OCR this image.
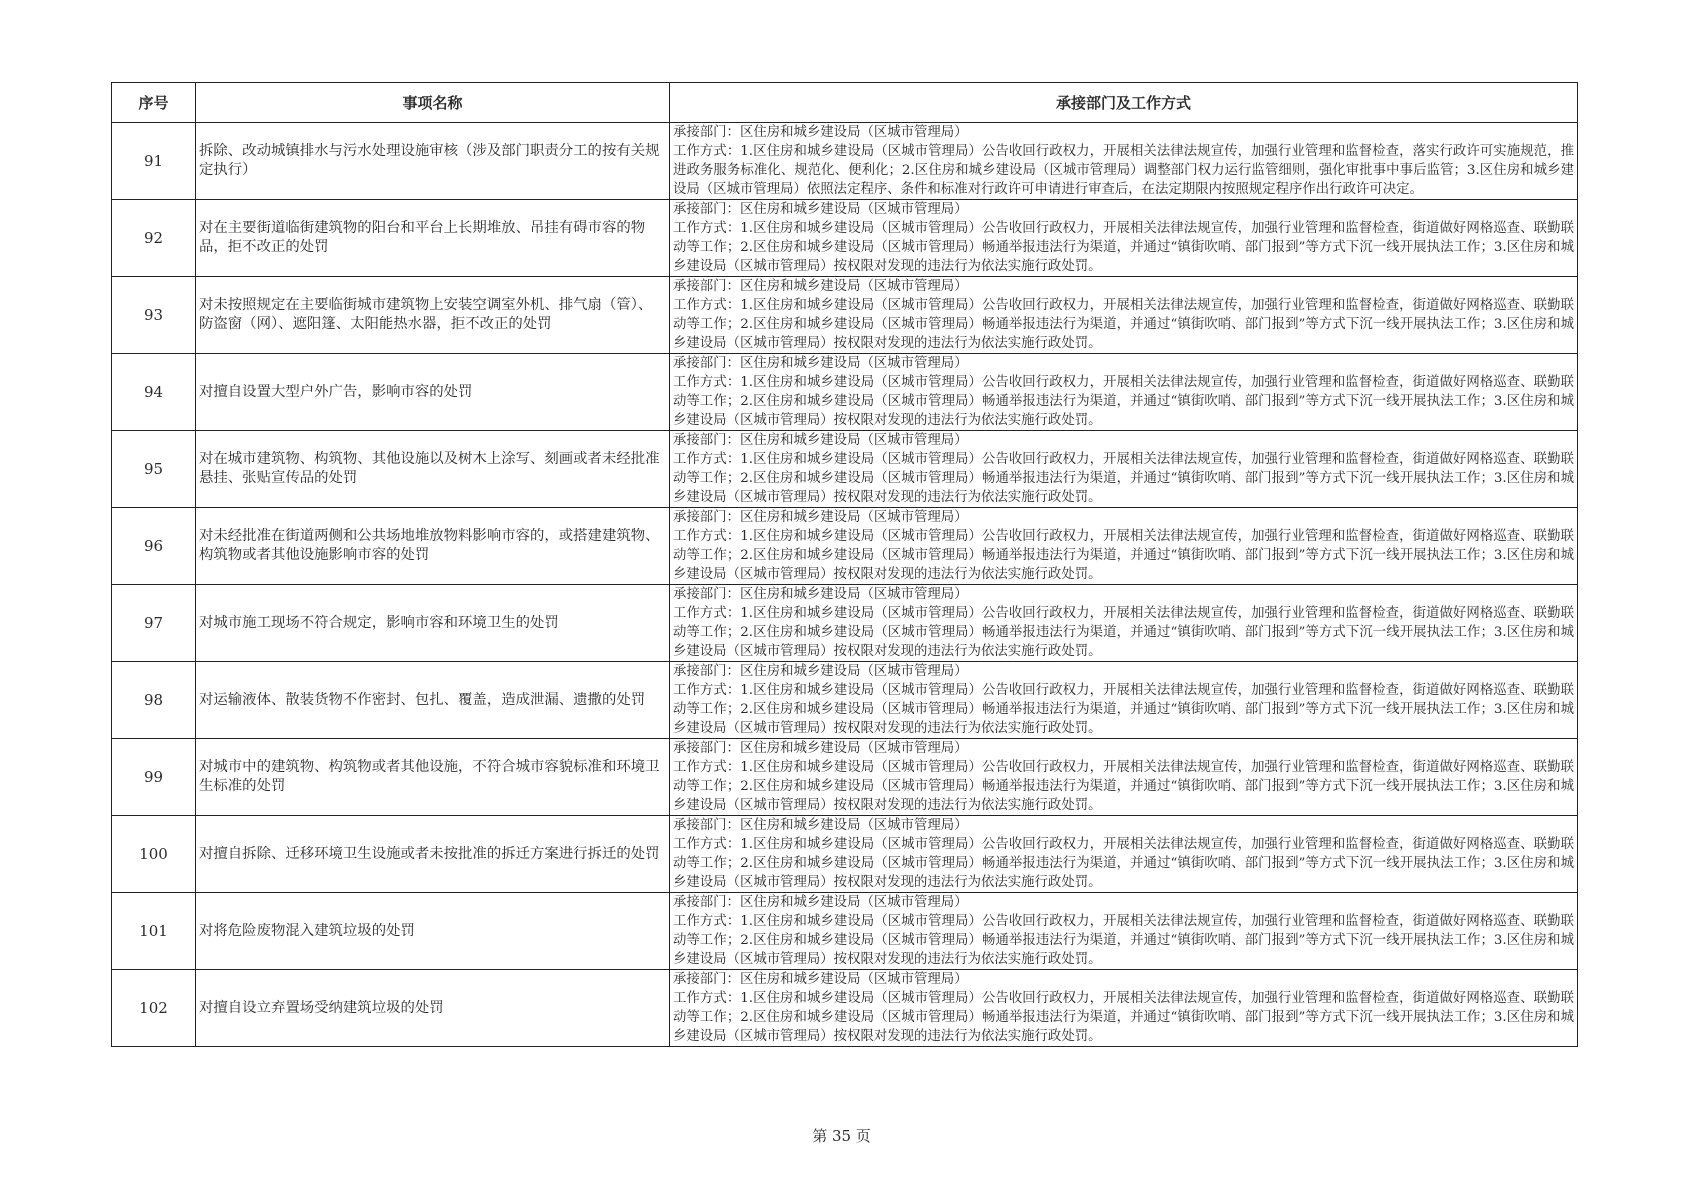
序号	事项名称	承接部门及工作方式
91	拆除、改动城镇排水与污水处理设施审核（涉及部门职责分工的按有关规定执行）	承接部门：区住房和城乡建设局（区城市管理局）
工作方式：1.区住房和城乡建设局（区城市管理局）公告收回行政权力，开展相关法律法规宣传，加强行业管理和监督检查，落实行政许可实施规范，推进政务服务标准化、规范化、便利化；2.区住房和城乡建设局（区城市管理局）调整部门权力运行监管细则，强化审批事中事后监管；3.区住房和城乡建设局（区城市管理局）依照法定程序、条件和标准对行政许可申请进行审查后，在法定期限内按照规定程序作出行政许可决定。

92	对在主要街道临街建筑物的阳台和平台上长期堆放、吊挂有碍市容的物品，拒不改正的处罚	承接部门：区住房和城乡建设局（区城市管理局）
工作方式：1.区住房和城乡建设局（区城市管理局）公告收回行政权力，开展相关法律法规宣传，加强行业管理和监督检查，街道做好网格巡查、联勤联动等工作；2.区住房和城乡建设局（区城市管理局）畅通举报违法行为渠道，并通过“镇街吹哨、部门报到”等方式下沉一线开展执法工作；3.区住房和城乡建设局（区城市管理局）按权限对发现的违法行为依法实施行政处罚。

93	对未按照规定在主要临街城市建筑物上安装空调室外机、排气扇（管）、防盗窗（网）、遮阳篷、太阳能热水器，拒不改正的处罚	承接部门：区住房和城乡建设局（区城市管理局）
工作方式：1.区住房和城乡建设局（区城市管理局）公告收回行政权力，开展相关法律法规宣传，加强行业管理和监督检查，街道做好网格巡查、联勤联动等工作；2.区住房和城乡建设局（区城市管理局）畅通举报违法行为渠道，并通过“镇街吹哨、部门报到”等方式下沉一线开展执法工作；3.区住房和城乡建设局（区城市管理局）按权限对发现的违法行为依法实施行政处罚。

94	对擅自设置大型户外广告，影响市容的处罚	承接部门：区住房和城乡建设局（区城市管理局）
工作方式：1.区住房和城乡建设局（区城市管理局）公告收回行政权力，开展相关法律法规宣传，加强行业管理和监督检查，街道做好网格巡查、联勤联动等工作；2.区住房和城乡建设局（区城市管理局）畅通举报违法行为渠道，并通过“镇街吹哨、部门报到”等方式下沉一线开展执法工作；3.区住房和城乡建设局（区城市管理局）按权限对发现的违法行为依法实施行政处罚。

95	对在城市建筑物、构筑物、其他设施以及树木上涂写、刻画或者未经批准悬挂、张贴宣传品的处罚	承接部门：区住房和城乡建设局（区城市管理局）
工作方式：1.区住房和城乡建设局（区城市管理局）公告收回行政权力，开展相关法律法规宣传，加强行业管理和监督检查，街道做好网格巡查、联勤联动等工作；2.区住房和城乡建设局（区城市管理局）畅通举报违法行为渠道，并通过“镇街吹哨、部门报到”等方式下沉一线开展执法工作；3.区住房和城乡建设局（区城市管理局）按权限对发现的违法行为依法实施行政处罚。

96	对未经批准在街道两侧和公共场地堆放物料影响市容的，或搭建建筑物、构筑物或者其他设施影响市容的处罚	承接部门：区住房和城乡建设局（区城市管理局）
工作方式：1.区住房和城乡建设局（区城市管理局）公告收回行政权力，开展相关法律法规宣传，加强行业管理和监督检查，街道做好网格巡查、联勤联动等工作；2.区住房和城乡建设局（区城市管理局）畅通举报违法行为渠道，并通过“镇街吹哨、部门报到”等方式下沉一线开展执法工作；3.区住房和城乡建设局（区城市管理局）按权限对发现的违法行为依法实施行政处罚。

97	对城市施工现场不符合规定，影响市容和环境卫生的处罚	承接部门：区住房和城乡建设局（区城市管理局）
工作方式：1.区住房和城乡建设局（区城市管理局）公告收回行政权力，开展相关法律法规宣传，加强行业管理和监督检查，街道做好网格巡查、联勤联动等工作；2.区住房和城乡建设局（区城市管理局）畅通举报违法行为渠道，并通过“镇街吹哨、部门报到”等方式下沉一线开展执法工作；3.区住房和城乡建设局（区城市管理局）按权限对发现的违法行为依法实施行政处罚。

98	对运输液体、散装货物不作密封、包扎、覆盖，造成泄漏、遗撒的处罚	承接部门：区住房和城乡建设局（区城市管理局）
工作方式：1.区住房和城乡建设局（区城市管理局）公告收回行政权力，开展相关法律法规宣传，加强行业管理和监督检查，街道做好网格巡查、联勤联动等工作；2.区住房和城乡建设局（区城市管理局）畅通举报违法行为渠道，并通过“镇街吹哨、部门报到”等方式下沉一线开展执法工作；3.区住房和城乡建设局（区城市管理局）按权限对发现的违法行为依法实施行政处罚。

99	对城市中的建筑物、构筑物或者其他设施，不符合城市容貌标准和环境卫生标准的处罚	承接部门：区住房和城乡建设局（区城市管理局）
工作方式：1.区住房和城乡建设局（区城市管理局）公告收回行政权力，开展相关法律法规宣传，加强行业管理和监督检查，街道做好网格巡查、联勤联动等工作；2.区住房和城乡建设局（区城市管理局）畅通举报违法行为渠道，并通过“镇街吹哨、部门报到”等方式下沉一线开展执法工作；3.区住房和城乡建设局（区城市管理局）按权限对发现的违法行为依法实施行政处罚。

100	对擅自拆除、迁移环境卫生设施或者未按批准的拆迁方案进行拆迁的处罚	承接部门：区住房和城乡建设局（区城市管理局）
工作方式：1.区住房和城乡建设局（区城市管理局）公告收回行政权力，开展相关法律法规宣传，加强行业管理和监督检查，街道做好网格巡查、联勤联动等工作；2.区住房和城乡建设局（区城市管理局）畅通举报违法行为渠道，并通过“镇街吹哨、部门报到”等方式下沉一线开展执法工作；3.区住房和城乡建设局（区城市管理局）按权限对发现的违法行为依法实施行政处罚。

101	对将危险废物混入建筑垃圾的处罚	承接部门：区住房和城乡建设局（区城市管理局）
工作方式：1.区住房和城乡建设局（区城市管理局）公告收回行政权力，开展相关法律法规宣传，加强行业管理和监督检查，街道做好网格巡查、联勤联动等工作；2.区住房和城乡建设局（区城市管理局）畅通举报违法行为渠道，并通过“镇街吹哨、部门报到”等方式下沉一线开展执法工作；3.区住房和城乡建设局（区城市管理局）按权限对发现的违法行为依法实施行政处罚。

102	对擅自设立弃置场受纳建筑垃圾的处罚	承接部门：区住房和城乡建设局（区城市管理局）
工作方式：1.区住房和城乡建设局（区城市管理局）公告收回行政权力，开展相关法律法规宣传，加强行业管理和监督检查，街道做好网格巡查、联勤联动等工作；2.区住房和城乡建设局（区城市管理局）畅通举报违法行为渠道，并通过“镇街吹哨、部门报到”等方式下沉一线开展执法工作；3.区住房和城乡建设局（区城市管理局）按权限对发现的违法行为依法实施行政处罚。
第 35 页
